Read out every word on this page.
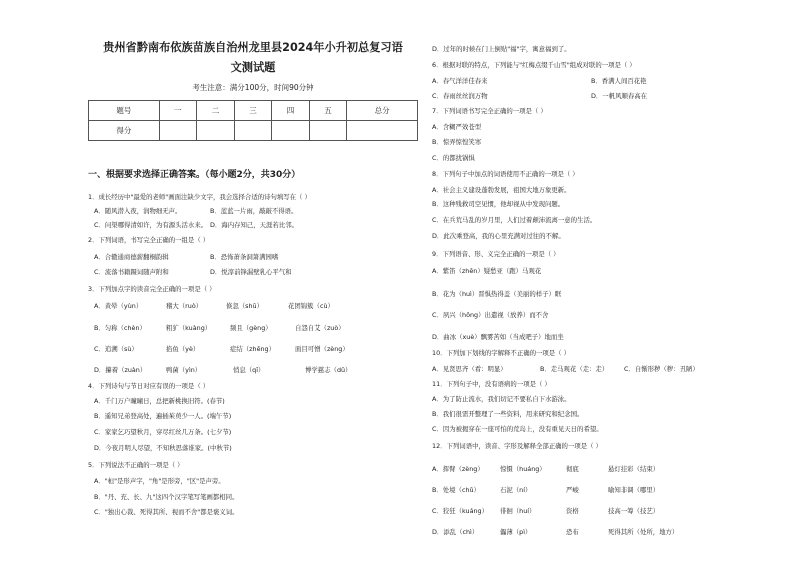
贵州省黔南布依族苗族自治州龙里县2024年小升初总复习语
文测试题
考生注意：满分100分，时间90分钟
题号	一	二	三	四	五	总分
得分						
一、根据要求选择正确答案。（每小题2分，共30分）
1．成长经历中"最爱的老师"画面注缺少文字，我会选择合适的诗句填写在（ ）
A．随风潜入夜，润物细无声。	B．蓝蓝一片雨，敲敲不得语。
C．问渠哪得清如许，为有源头活水来。 D．海内存知己，天涯若比邻。
2．下列词语，书写完全正确的一组是（ ）
A．合辙通商德薪翻桐韵辑	B．恐怖萧条洞箫满园嗜
C．流落书籍蹑词随声附和	D．悦淳前锋漏壁乳心平气和
3．下列加点字的读音完全正确的一项是（ ）
A．黄晕（yùn）	稽大（ruò）	倏忽（shū）	花团锦簇（cù）
B．匀称（chèn）	粗犷（kuàng）	频且（gèng）	自怨自艾（zuò）
C．追溯（sù）	掐鱼（yè）	症结（zhēng）	面目可憎（zèng）
D．攥着（zuàn）	鸭菌（yìn）	悄息（qī）	博学慈志（dǔ）
4．下列诗句与节日对应有误的一项是（ ）
A．千门万户曈曈日，总把新桃换旧符。(春节)
B．遥知兄弟登高处，遍插茱萸少一人。(端午节)
C．家家乞巧望秋月，穿尽红丝几万条。(七夕节)
D．今夜月明人尽望，不知秋思落谁家。(中秋节)
5．下列说法不正确的一项是（ ）
A．"桓"是形声字，"角"是形旁，"区"是声旁。
B．"丹、充、长、九"这四个汉字笔写笔画都相同。
C．"独出心裁、死得其所、视而不舍"都是褒义词。
D．过年的时候在门上倒贴"福"字，寓意福到了。
6．根据对联的特点，下列能与"红梅点缀千山雪"组成对联的一项是（ ）
A．春气洋洋佳春来	B．香满人间百花艳
C．春雨丝丝润万物	D．一帆风顺春高在
7．下列词语书写完全正确的一项是（ ）
A．含糊严效苍型
B．惊弄惊惶笑寒
C．的都扰锅惧
8．下列句子中加点的词语使用不正确的一项是（ ）
A．社会主义建设蓬勃发展，祖国大地万象更新。
B．这种残救司空见惯，他却视从中发现问题。
C．在兵荒马乱的岁月里，人们过着颠沛流离一意的生活。
D．此次乘登高，我的心里充满对过往的不解。
9．下列语音、形、义完全正确的一项是（ ）
A．紫笛（zhēn）疑愁亚（跑）马观花
B．花为（huì）晋惧热得盖（美丽的样子）眶
C．夙兴（hōng）出遣视（放养）而不舍
D．曲冰（xuè）飘雾苦如（当成吧子）地而坐
10．下列加下划线的字解释不正确的一项是（ ）
A．见贤思齐（看：明显）	B．走马观花（走：走） C．自惭形秽（秽：丑陋）
11．下列句子中，没有语病的一项是（ ）
A．为了防止流水，我们切记不要私自下水游泳。
B．我们很需开整理了一些资料，用来研究和纪念国。
C．因为被揭穿在一座可怕的荒岛上，没有重见天日的希望。
12．下列词语中，读音、字形及解释全部正确的一项是（ ）
A．挥臂（zèng）	惊慑（huáng）	彻底	悬灯挂彩（结束）
B．处境（chǔ）	石泥（ní）	严峻	喻知非调（哪里）
C．狡狂（kuáng） 徘徊（huí）	资格	技高一筹（技艺）
D．添乱（chì）	儡薄（pì）	恐布	死得其所（处所，地方）
